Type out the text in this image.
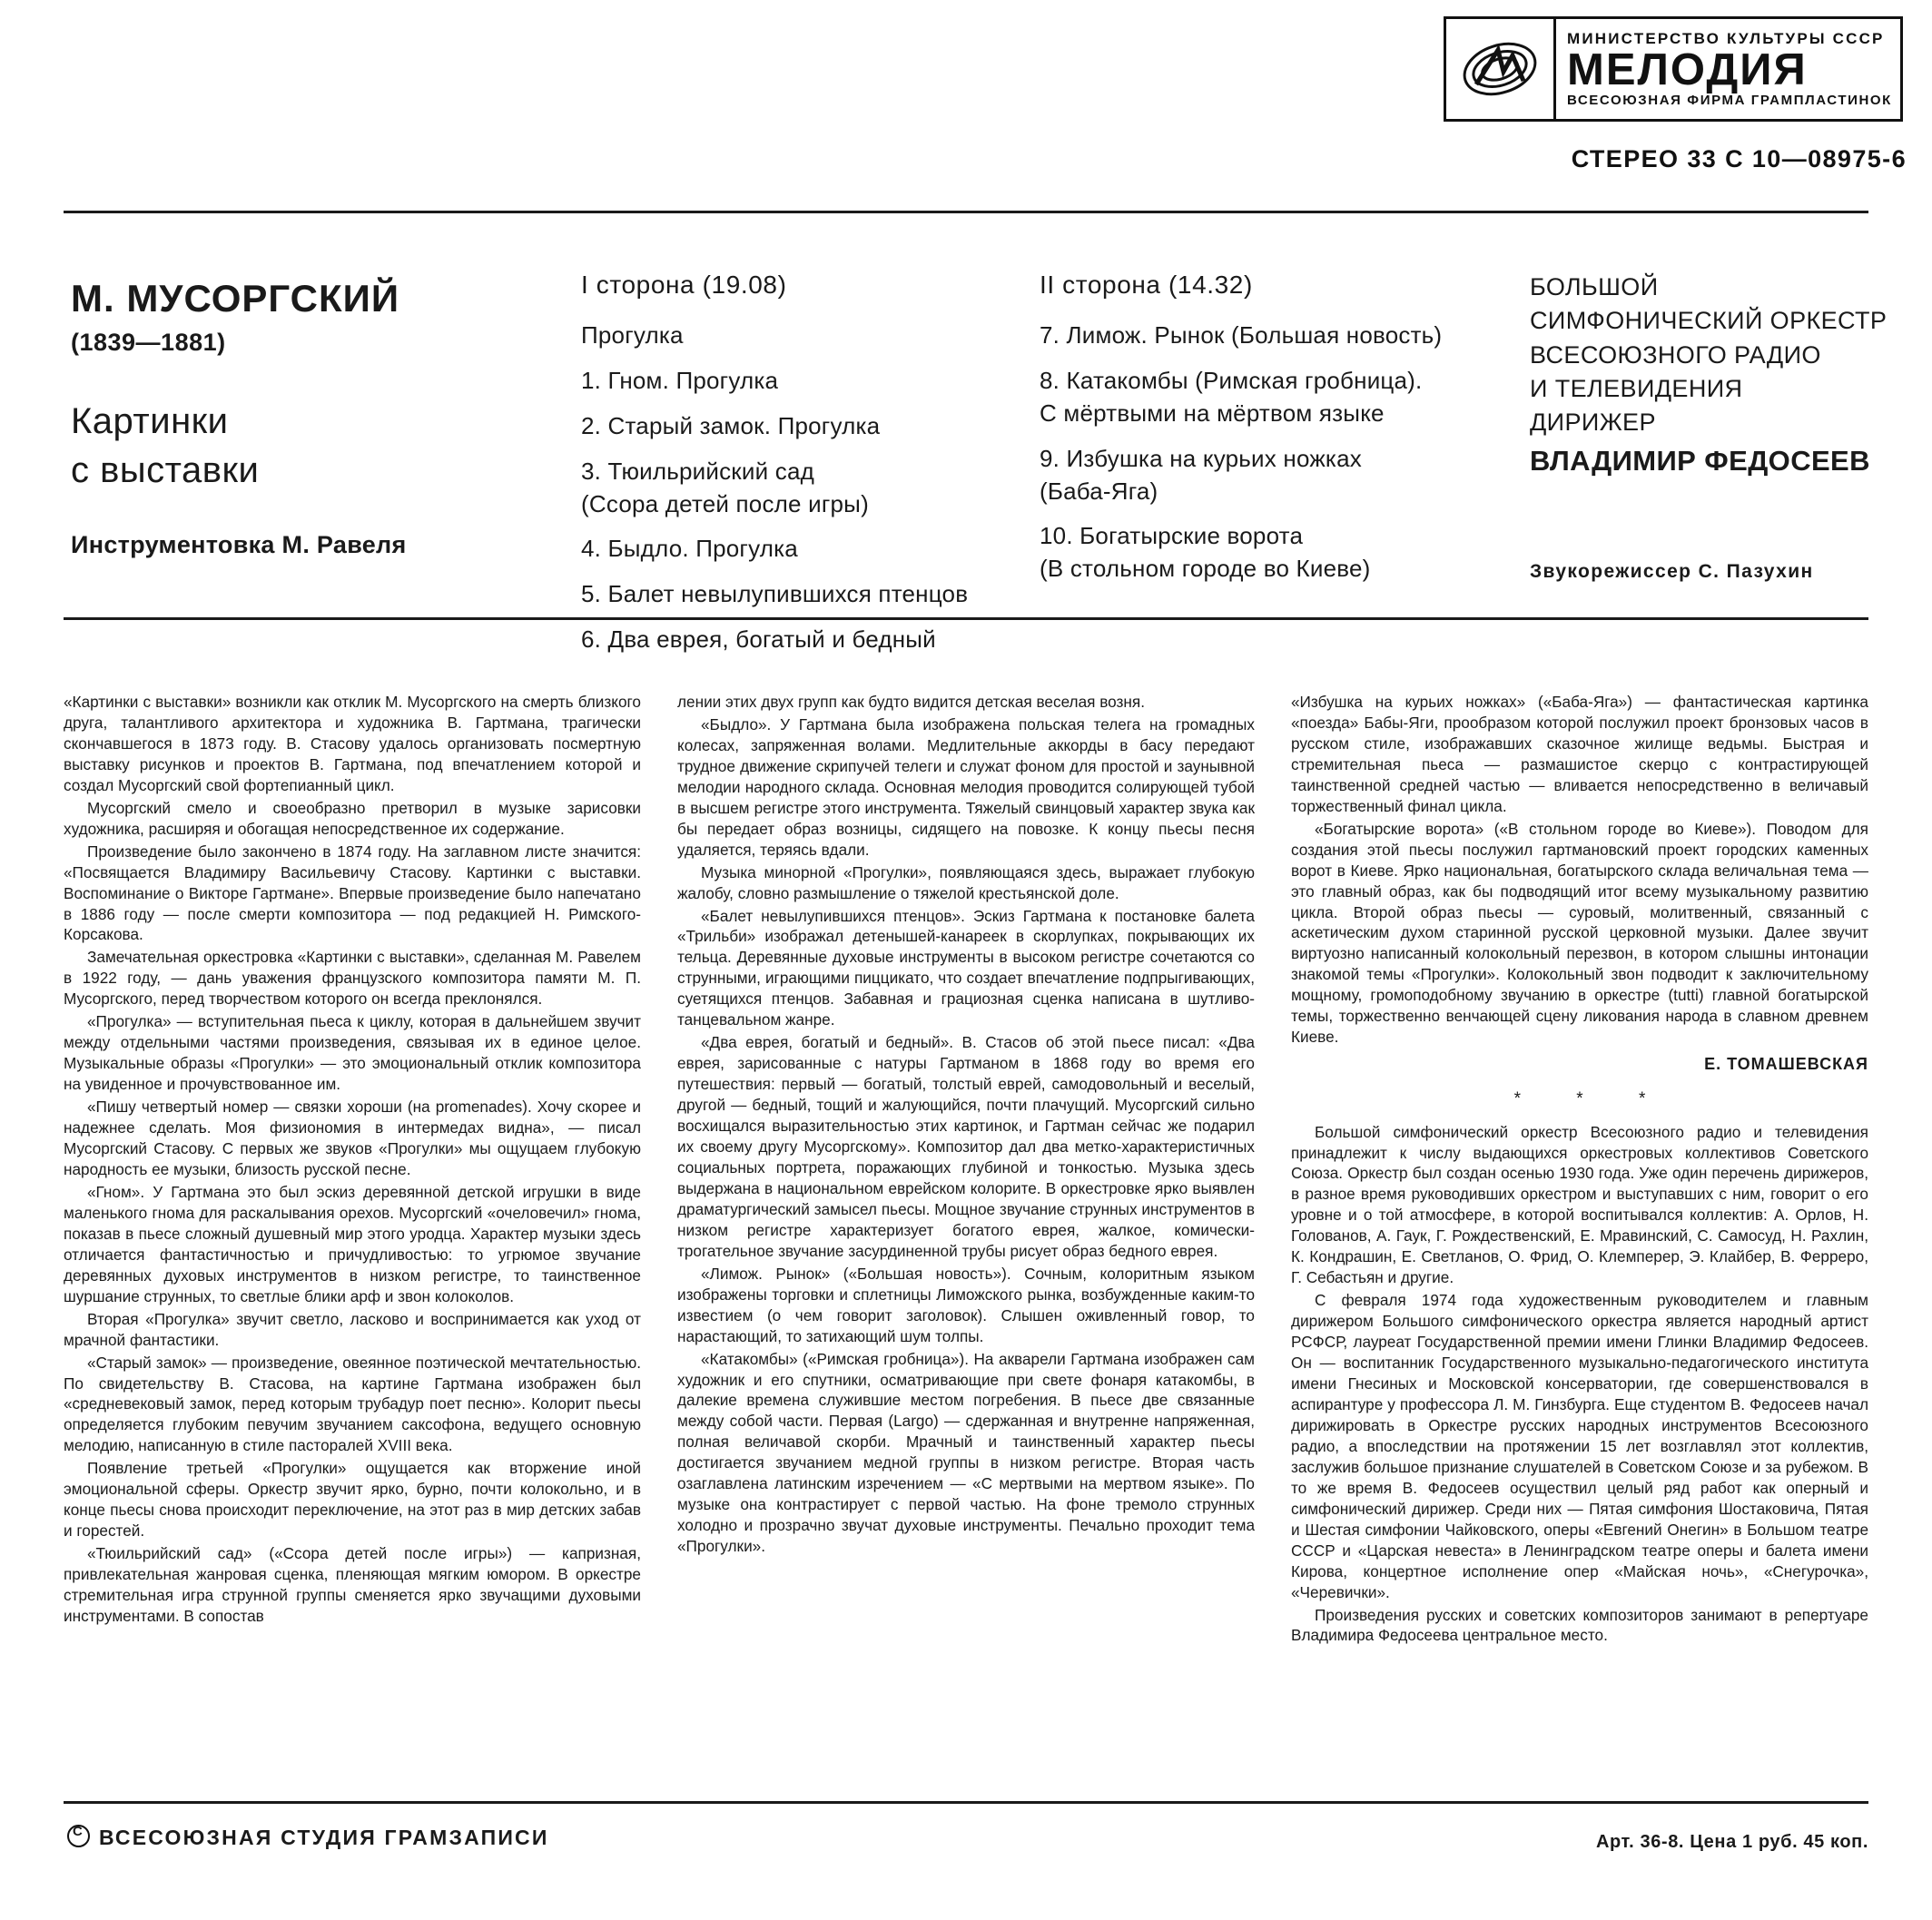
МИНИСТЕРСТВО КУЛЬТУРЫ СССР
МЕЛОДИЯ
ВСЕСОЮЗНАЯ ФИРМА ГРАМПЛАСТИНОК
СТЕРЕО 33 С 10—08975-6
М. МУСОРГСКИЙ
(1839—1881)
Картинки
с выставки
Инструментовка М. Равеля
I сторона (19.08)
Прогулка
1. Гном. Прогулка
2. Старый замок. Прогулка
3. Тюильрийский сад
(Ссора детей после игры)
4. Быдло. Прогулка
5. Балет невылупившихся птенцов
6. Два еврея, богатый и бедный
II сторона (14.32)
7. Лимож. Рынок (Большая новость)
8. Катакомбы (Римская гробница).
С мёртвыми на мёртвом языке
9. Избушка на курьих ножках
(Баба-Яга)
10. Богатырские ворота
(В стольном городе во Киеве)
БОЛЬШОЙ
СИМФОНИЧЕСКИЙ ОРКЕСТР
ВСЕСОЮЗНОГО РАДИО
И ТЕЛЕВИДЕНИЯ
ДИРИЖЕР
ВЛАДИМИР ФЕДОСЕЕВ
Звукорежиссер С. Пазухин

«Картинки с выставки» возникли как отклик М. Мусоргского на смерть близкого друга, талантливого архитектора и художника В. Гартмана, трагически скончавшегося в 1873 году. В. Стасову удалось организовать посмертную выставку рисунков и проектов В. Гартмана, под впечатлением которой и создал Мусоргский свой фортепианный цикл.

Мусоргский смело и своеобразно претворил в музыке зарисовки художника, расширяя и обогащая непосредственное их содержание.

Произведение было закончено в 1874 году. На заглавном листе значится: «Посвящается Владимиру Васильевичу Стасову. Картинки с выставки. Воспоминание о Викторе Гартмане». Впервые произведение было напечатано в 1886 году — после смерти композитора — под редакцией Н. Римского-Корсакова.

Замечательная оркестровка «Картинки с выставки», сделанная М. Равелем в 1922 году, — дань уважения французского композитора памяти М. П. Мусоргского, перед творчеством которого он всегда преклонялся.

«Прогулка» — вступительная пьеса к циклу, которая в дальнейшем звучит между отдельными частями произведения, связывая их в единое целое. Музыкальные образы «Прогулки» — это эмоциональный отклик композитора на увиденное и прочувствованное им.

«Пишу четвертый номер — связки хороши (на promenades). Хочу скорее и надежнее сделать. Моя физиономия в интермедах видна», — писал Мусоргский Стасову. С первых же звуков «Прогулки» мы ощущаем глубокую народность ее музыки, близость русской песне.

«Гном». У Гартмана это был эскиз деревянной детской игрушки в виде маленького гнома для раскалывания орехов. Мусоргский «очеловечил» гнома, показав в пьесе сложный душевный мир этого уродца. Характер музыки здесь отличается фантастичностью и причудливостью: то угрюмое звучание деревянных духовых инструментов в низком регистре, то таинственное шуршание струнных, то светлые блики арф и звон колоколов.

Вторая «Прогулка» звучит светло, ласково и воспринимается как уход от мрачной фантастики.

«Старый замок» — произведение, овеянное поэтической мечтательностью. По свидетельству В. Стасова, на картине Гартмана изображен был «средневековый замок, перед которым трубадур поет песню». Колорит пьесы определяется глубоким певучим звучанием саксофона, ведущего основную мелодию, написанную в стиле пасторалей XVIII века.

Появление третьей «Прогулки» ощущается как вторжение иной эмоциональной сферы. Оркестр звучит ярко, бурно, почти колокольно, и в конце пьесы снова происходит переключение, на этот раз в мир детских забав и горестей.

«Тюильрийский сад» («Ссора детей после игры») — капризная, привлекательная жанровая сценка, пленяющая мягким юмором. В оркестре стремительная игра струнной группы сменяется ярко звучащими духовыми инструментами. В сопостав

лении этих двух групп как будто видится детская веселая возня.

«Быдло». У Гартмана была изображена польская телега на громадных колесах, запряженная волами. Медлительные аккорды в басу передают трудное движение скрипучей телеги и служат фоном для простой и заунывной мелодии народного склада. Основная мелодия проводится солирующей тубой в высшем регистре этого инструмента. Тяжелый свинцовый характер звука как бы передает образ возницы, сидящего на повозке. К концу пьесы песня удаляется, теряясь вдали.

Музыка минорной «Прогулки», появляющаяся здесь, выражает глубокую жалобу, словно размышление о тяжелой крестьянской доле.

«Балет невылупившихся птенцов». Эскиз Гартмана к постановке балета «Трильби» изображал детенышей-канареек в скорлупках, покрывающих их тельца. Деревянные духовые инструменты в высоком регистре сочетаются со струнными, играющими пиццикато, что создает впечатление подпрыгивающих, суетящихся птенцов. Забавная и грациозная сценка написана в шутливо-танцевальном жанре.

«Два еврея, богатый и бедный». В. Стасов об этой пьесе писал: «Два еврея, зарисованные с натуры Гартманом в 1868 году во время его путешествия: первый — богатый, толстый еврей, самодовольный и веселый, другой — бедный, тощий и жалующийся, почти плачущий. Мусоргский сильно восхищался выразительностью этих картинок, и Гартман сейчас же подарил их своему другу Мусоргскому». Композитор дал два метко-характеристичных социальных портрета, поражающих глубиной и тонкостью. Музыка здесь выдержана в национальном еврейском колорите. В оркестровке ярко выявлен драматургический замысел пьесы. Мощное звучание струнных инструментов в низком регистре характеризует богатого еврея, жалкое, комически-трогательное звучание засурдиненной трубы рисует образ бедного еврея.

«Лимож. Рынок» («Большая новость»). Сочным, колоритным языком изображены торговки и сплетницы Лиможского рынка, возбужденные каким-то известием (о чем говорит заголовок). Слышен оживленный говор, то нарастающий, то затихающий шум толпы.

«Катакомбы» («Римская гробница»). На акварели Гартмана изображен сам художник и его спутники, осматривающие при свете фонаря катакомбы, в далекие времена служившие местом погребения. В пьесе две связанные между собой части. Первая (Largo) — сдержанная и внутренне напряженная, полная величавой скорби. Мрачный и таинственный характер пьесы достигается звучанием медной группы в низком регистре. Вторая часть озаглавлена латинским изречением — «С мертвыми на мертвом языке». По музыке она контрастирует с первой частью. На фоне тремоло струнных холодно и прозрачно звучат духовые инструменты. Печально проходит тема «Прогулки».

«Избушка на курьих ножках» («Баба-Яга») — фантастическая картинка «поезда» Бабы-Яги, прообразом которой послужил проект бронзовых часов в русском стиле, изображавших сказочное жилище ведьмы. Быстрая и стремительная пьеса — размашистое скерцо с контрастирующей таинственной средней частью — вливается непосредственно в величавый торжественный финал цикла.

«Богатырские ворота» («В стольном городе во Киеве»). Поводом для создания этой пьесы послужил гартмановский проект городских каменных ворот в Киеве. Ярко национальная, богатырского склада величальная тема — это главный образ, как бы подводящий итог всему музыкальному развитию цикла. Второй образ пьесы — суровый, молитвенный, связанный с аскетическим духом старинной русской церковной музыки. Далее звучит виртуозно написанный колокольный перезвон, в котором слышны интонации знакомой темы «Прогулки». Колокольный звон подводит к заключительному мощному, громоподобному звучанию в оркестре (tutti) главной богатырской темы, торжественно венчающей сцену ликования народа в славном древнем Киеве.

Е. ТОМАШЕВСКАЯ
* * *

Большой симфонический оркестр Всесоюзного радио и телевидения принадлежит к числу выдающихся оркестровых коллективов Советского Союза. Оркестр был создан осенью 1930 года. Уже один перечень дирижеров, в разное время руководивших оркестром и выступавших с ним, говорит о его уровне и о той атмосфере, в которой воспитывался коллектив: А. Орлов, Н. Голованов, А. Гаук, Г. Рождественский, Е. Мравинский, С. Самосуд, Н. Рахлин, К. Кондрашин, Е. Светланов, О. Фрид, О. Клемперер, Э. Клайбер, В. Ферреро, Г. Себастьян и другие.

С февраля 1974 года художественным руководителем и главным дирижером Большого симфонического оркестра является народный артист РСФСР, лауреат Государственной премии имени Глинки Владимир Федосеев. Он — воспитанник Государственного музыкально-педагогического института имени Гнесиных и Московской консерватории, где совершенствовался в аспирантуре у профессора Л. М. Гинзбурга. Еще студентом В. Федосеев начал дирижировать в Оркестре русских народных инструментов Всесоюзного радио, а впоследствии на протяжении 15 лет возглавлял этот коллектив, заслужив большое признание слушателей в Советском Союзе и за рубежом. В то же время В. Федосеев осуществил целый ряд работ как оперный и симфонический дирижер. Среди них — Пятая симфония Шостаковича, Пятая и Шестая симфонии Чайковского, оперы «Евгений Онегин» в Большом театре СССР и «Царская невеста» в Ленинградском театре оперы и балета имени Кирова, концертное исполнение опер «Майская ночь», «Снегурочка», «Черевички».

Произведения русских и советских композиторов занимают в репертуаре Владимира Федосеева центральное место.

CВСЕСОЮЗНАЯ СТУДИЯ ГРАМЗАПИСИ	Арт. 36-8. Цена 1 руб. 45 коп.
